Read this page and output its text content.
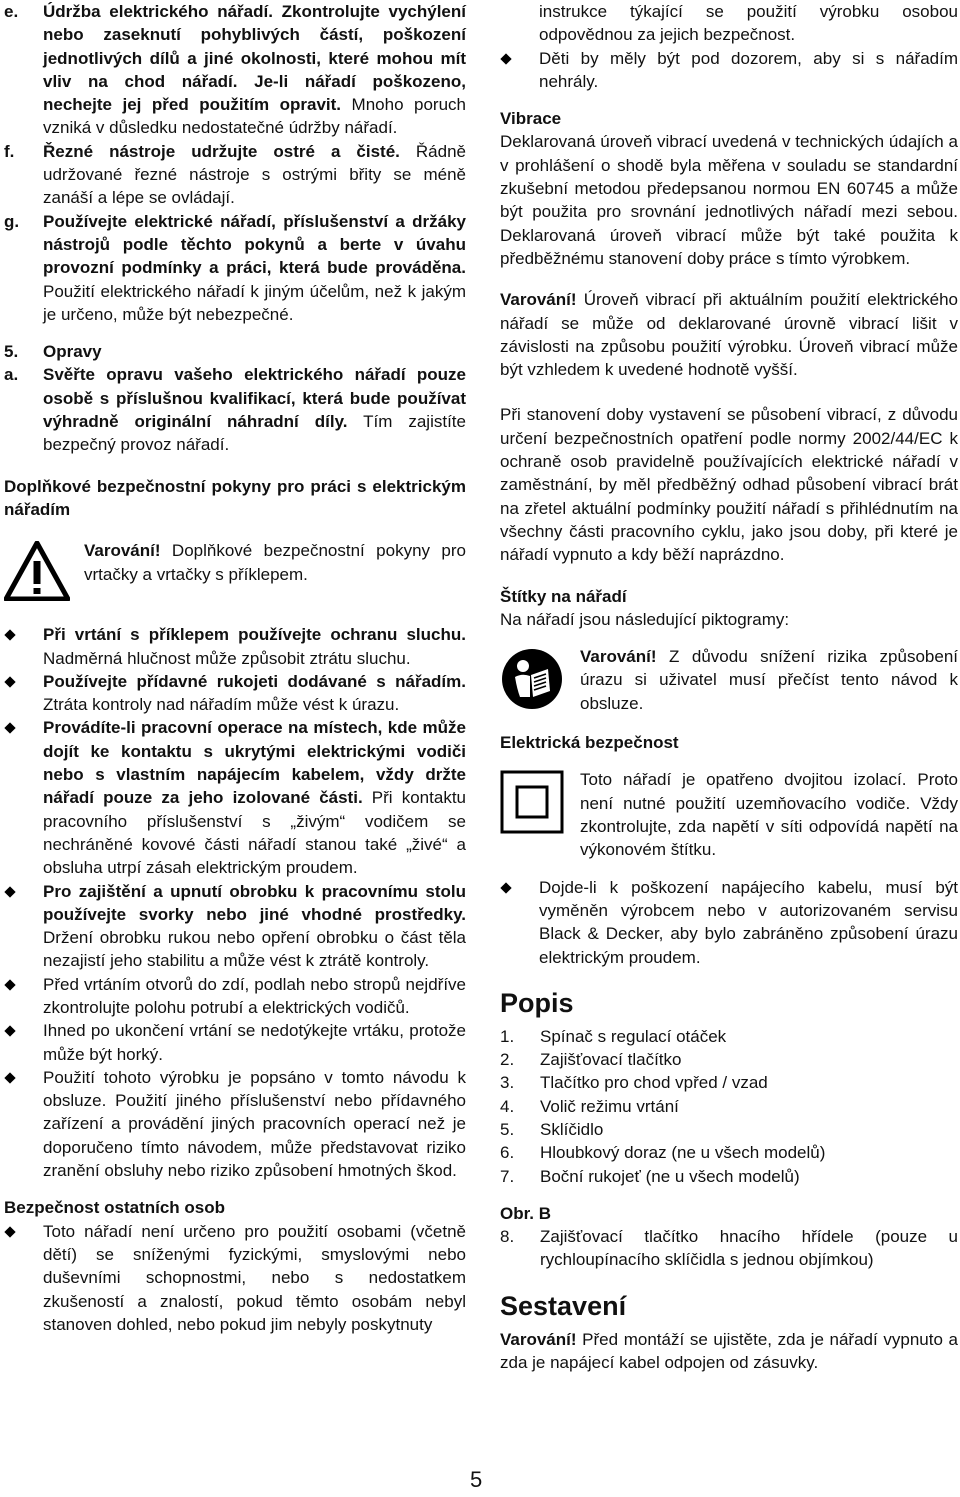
e. Údržba elektrického nářadí. Zkontrolujte vychýlení nebo zaseknutí pohyblivých částí, poškození jednotlivých dílů a jiné okolnosti, které mohou mít vliv na chod nářadí. Je-li nářadí poškozeno, nechejte jej před použitím opravit. Mnoho poruch vzniká v důsledku nedostatečné údržby nářadí.
f. Řezné nástroje udržujte ostré a čisté. Řádně udržované řezné nástroje s ostrými břity se méně zanáší a lépe se ovládají.
g. Používejte elektrické nářadí, příslušenství a držáky nástrojů podle těchto pokynů a berte v úvahu provozní podmínky a práci, která bude prováděna. Použití elektrického nářadí k jiným účelům, než k jakým je určeno, může být nebezpečné.
5. Opravy
a. Svěřte opravu vašeho elektrického nářadí pouze osobě s příslušnou kvalifikací, která bude používat výhradně originální náhradní díly. Tím zajistíte bezpečný provoz nářadí.

Doplňkové bezpečnostní pokyny pro práci s elektrickým nářadím

Varování! Doplňkové bezpečnostní pokyny pro vrtačky a vrtačky s příklepem.

Při vrtání s příklepem používejte ochranu sluchu. Nadměrná hlučnost může způsobit ztrátu sluchu.

Používejte přídavné rukojeti dodávané s nářadím. Ztráta kontroly nad nářadím může vést k úrazu.

Provádíte-li pracovní operace na místech, kde může dojít ke kontaktu s ukrytými elektrickými vodiči nebo s vlastním napájecím kabelem, vždy držte nářadí pouze za jeho izolované části. Při kontaktu pracovního příslušenství s „živým“ vodičem se nechráněné kovové části nářadí stanou také „živé“ a obsluha utrpí zásah elektrickým proudem.

Pro zajištění a upnutí obrobku k pracovnímu stolu používejte svorky nebo jiné vhodné prostředky. Držení obrobku rukou nebo opření obrobku o část těla nezajistí jeho stabilitu a může vést k ztrátě kontroly.

Před vrtáním otvorů do zdí, podlah nebo stropů nejdříve zkontrolujte polohu potrubí a elektrických vodičů.

Ihned po ukončení vrtání se nedotýkejte vrtáku, protože může být horký.

Použití tohoto výrobku je popsáno v tomto návodu k obsluze. Použití jiného příslušenství nebo přídavného zařízení a provádění jiných pracovních operací než je doporučeno tímto návodem, může představovat riziko zranění obsluhy nebo riziko způsobení hmotných škod.

Bezpečnost ostatních osob

Toto nářadí není určeno pro použití osobami (včetně dětí) se sníženými fyzickými, smyslovými nebo duševními schopnostmi, nebo s nedostatkem zkušeností a znalostí, pokud těmto osobám nebyl stanoven dohled, nebo pokud jim nebyly poskytnuty

instrukce týkající se použití výrobku osobou odpovědnou za jejich bezpečnost.

Děti by měly být pod dozorem, aby si s nářadím nehrály.

Vibrace

Deklarovaná úroveň vibrací uvedená v technických údajích a v prohlášení o shodě byla měřena v souladu se standardní zkušební metodou předepsanou normou EN 60745 a může být použita pro srovnání jednotlivých nářadí mezi sebou. Deklarovaná úroveň vibrací může být také použita k předběžnému stanovení doby práce s tímto výrobkem.

Varování! Úroveň vibrací při aktuálním použití elektrického nářadí se může od deklarované úrovně vibrací lišit v závislosti na způsobu použití výrobku. Úroveň vibrací může být vzhledem k uvedené hodnotě vyšší.

Při stanovení doby vystavení se působení vibrací, z důvodu určení bezpečnostních opatření podle normy 2002/44/EC k ochraně osob pravidelně používajících elektrické nářadí v zaměstnání, by měl předběžný odhad působení vibrací brát na zřetel aktuální podmínky použití nářadí s přihlédnutím na všechny části pracovního cyklu, jako jsou doby, při které je nářadí vypnuto a kdy běží naprázdno.

Štítky na nářadí

Na nářadí jsou následující piktogramy:

Varování! Z důvodu snížení rizika způsobení úrazu si uživatel musí přečíst tento návod k obsluze.

Elektrická bezpečnost

Toto nářadí je opatřeno dvojitou izolací. Proto není nutné použití uzemňovacího vodiče. Vždy zkontrolujte, zda napětí v síti odpovídá napětí na výkonovém štítku.

Dojde-li k poškození napájecího kabelu, musí být vyměněn výrobcem nebo v autorizovaném servisu Black & Decker, aby bylo zabráněno způsobení úrazu elektrickým proudem.

Popis

1. Spínač s regulací otáček

2. Zajišťovací tlačítko

3. Tlačítko pro chod vpřed / vzad

4. Volič režimu vrtání

5. Sklíčidlo

6. Hloubkový doraz (ne u všech modelů)

7. Boční rukojeť (ne u všech modelů)

Obr. B

8. Zajišťovací tlačítko hnacího hřídele (pouze u rychloupínacího sklíčidla s jednou objímkou)

Sestavení

Varování! Před montáží se ujistěte, zda je nářadí vypnuto a zda je napájecí kabel odpojen od zásuvky.

5
